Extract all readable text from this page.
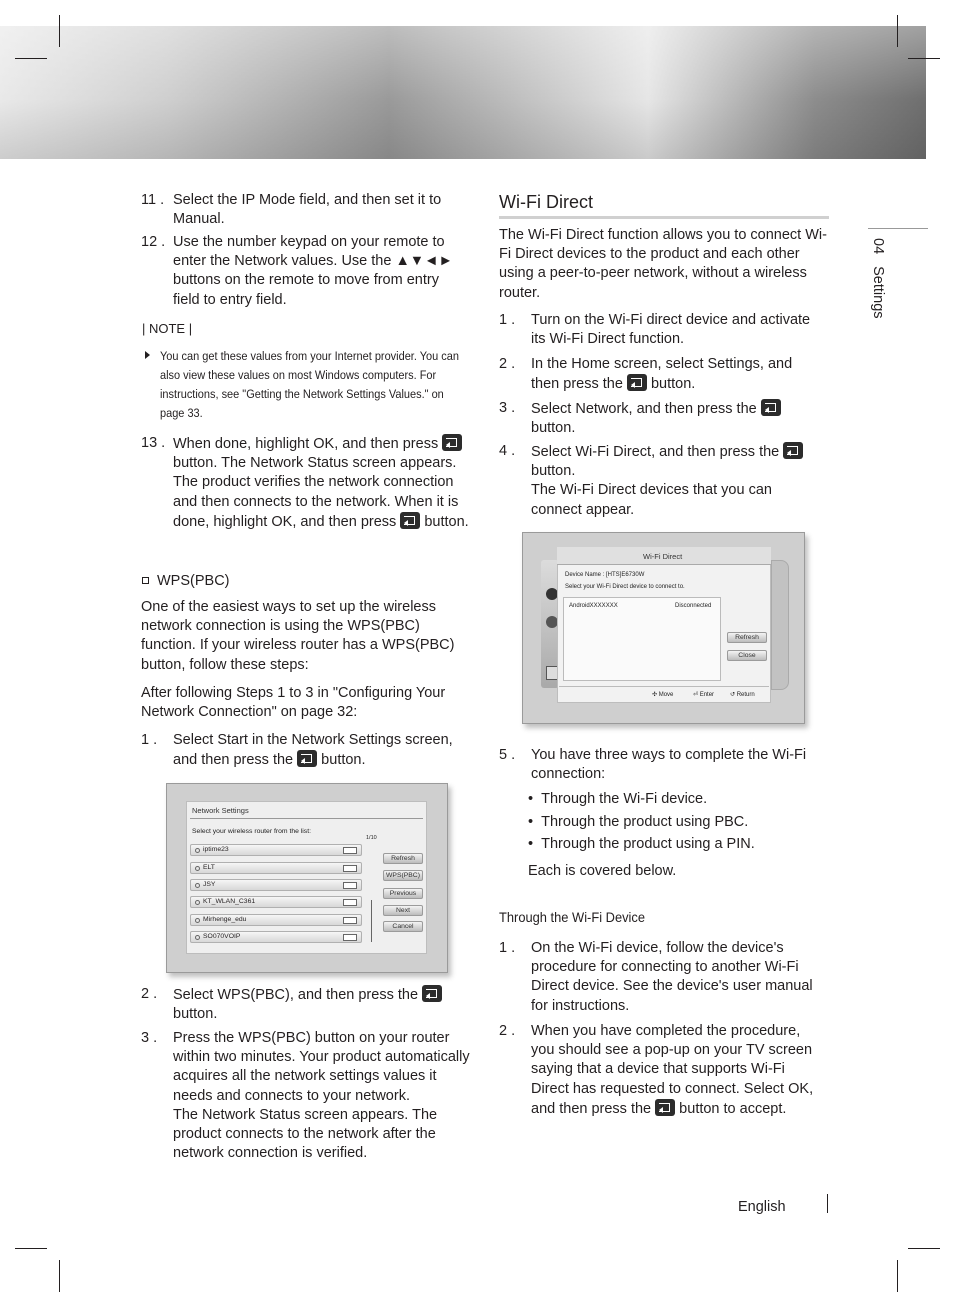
11 . Select the IP Mode field, and then set it to Manual.
12 . Use the number keypad on your remote to enter the Network values. Use the ▲▼◄► buttons on the remote to move from entry field to entry field.
| NOTE |
You can get these values from your Internet provider. You can also view these values on most Windows computers. For instructions, see "Getting the Network Settings Values." on page 33.
13 . When done, highlight OK, and then press  button. The Network Status screen appears. The product verifies the network connection and then connects to the network. When it is done, highlight OK, and then press  button.
WPS(PBC)
One of the easiest ways to set up the wireless network connection is using the WPS(PBC) function. If your wireless router has a WPS(PBC) button, follow these steps:
After following Steps 1 to 3 in "Configuring Your Network Connection" on page 32:
1 . Select Start in the Network Settings screen, and then press the  button.
Network Settings
Select your wireless router from the list:
1/10
iptime23
ELT
JSY
KT_WLAN_C361
Mirhenge_edu
SO070VOIP
Refresh
WPS(PBC)
Previous
Next
Cancel
2 . Select WPS(PBC), and then press the  button.
3 . Press the WPS(PBC) button on your router within two minutes. Your product automatically acquires all the network settings values it needs and connects to your network.
The Network Status screen appears. The product connects to the network after the network connection is verified.
Wi-Fi Direct
The Wi-Fi Direct function allows you to connect Wi-Fi Direct devices to the product and each other using a peer-to-peer network, without a wireless router.
1 . Turn on the Wi-Fi direct device and activate its Wi-Fi Direct function.
2 . In the Home screen, select Settings, and then press the  button.
3 . Select Network, and then press the  button.
4 . Select Wi-Fi Direct, and then press the  button.
The Wi-Fi Direct devices that you can connect appear.
Wi-Fi Direct
Device Name : [HTS]E6730W
Select your Wi-Fi Direct device to connect to.
AndroidXXXXXXX	Disconnected
Refresh
Close
✣ Move	⏎ Enter	↺ Return
5 . You have three ways to complete the Wi-Fi connection:
•  Through the Wi-Fi device.
•  Through the product using PBC.
•  Through the product using a PIN.
Each is covered below.
Through the Wi-Fi Device
1 . On the Wi-Fi device, follow the device's procedure for connecting to another Wi-Fi Direct device. See the device's user manual for instructions.
2 . When you have completed the procedure, you should see a pop-up on your TV screen saying that a device that supports Wi-Fi Direct has requested to connect. Select OK, and then press the  button to accept.
04Settings
English
